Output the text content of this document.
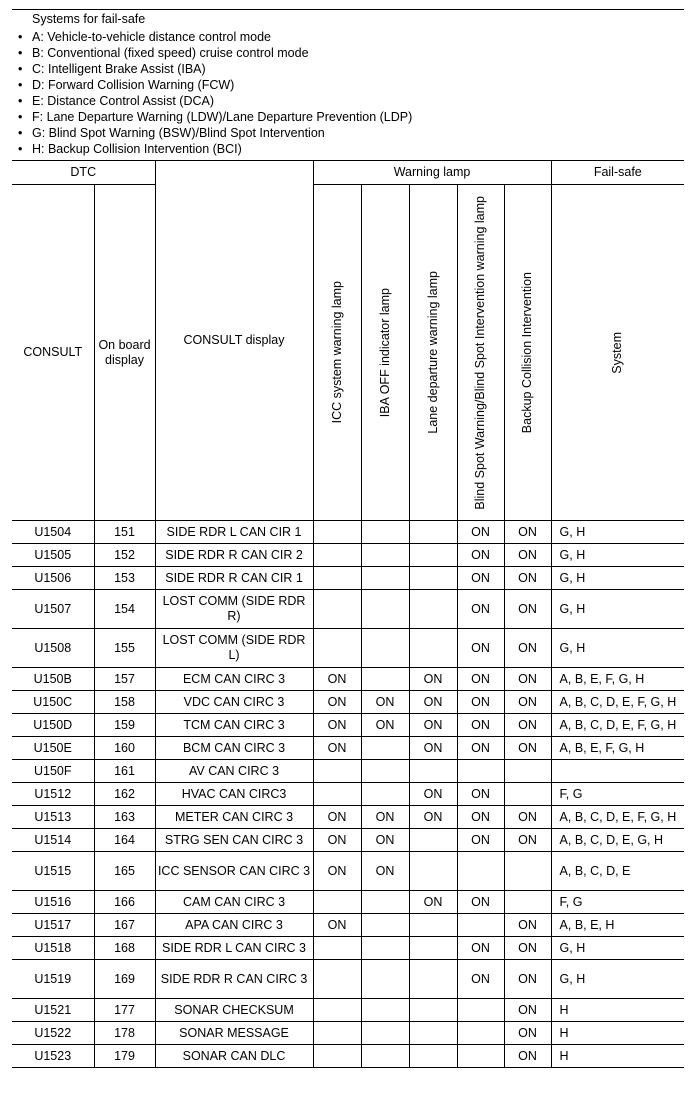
Systems for fail-safe
• A: Vehicle-to-vehicle distance control mode
• B: Conventional (fixed speed) cruise control mode
• C: Intelligent Brake Assist (IBA)
• D: Forward Collision Warning (FCW)
• E: Distance Control Assist (DCA)
• F: Lane Departure Warning (LDW)/Lane Departure Prevention (LDP)
• G: Blind Spot Warning (BSW)/Blind Spot Intervention
• H: Backup Collision Intervention (BCI)
DTC		CONSULT display	Warning lamp					Fail-safe
CONSULT	On board display		ICC system warning lamp	IBA OFF indicator lamp	Lane departure warning lamp	Blind Spot Warning/Blind Spot Intervention warning lamp	Backup Collision Intervention	System

U1504	151	SIDE RDR L CAN CIR 1				ON	ON	G, H
U1505	152	SIDE RDR R CAN CIR 2				ON	ON	G, H
U1506	153	SIDE RDR R CAN CIR 1				ON	ON	G, H
U1507	154	LOST COMM (SIDE RDR R)				ON	ON	G, H
U1508	155	LOST COMM (SIDE RDR L)				ON	ON	G, H
U150B	157	ECM CAN CIRC 3	ON		ON	ON	ON	A, B, E, F, G, H
U150C	158	VDC CAN CIRC 3	ON	ON	ON	ON	ON	A, B, C, D, E, F, G, H
U150D	159	TCM CAN CIRC 3	ON	ON	ON	ON	ON	A, B, C, D, E, F, G, H
U150E	160	BCM CAN CIRC 3	ON		ON	ON	ON	A, B, E, F, G, H
U150F	161	AV CAN CIRC 3						
U1512	162	HVAC CAN CIRC3			ON	ON		F, G
U1513	163	METER CAN CIRC 3	ON	ON	ON	ON	ON	A, B, C, D, E, F, G, H
U1514	164	STRG SEN CAN CIRC 3	ON	ON		ON	ON	A, B, C, D, E, G, H
U1515	165	ICC SENSOR CAN CIRC 3	ON	ON				A, B, C, D, E
U1516	166	CAM CAN CIRC 3			ON	ON		F, G
U1517	167	APA CAN CIRC 3	ON				ON	A, B, E, H
U1518	168	SIDE RDR L CAN CIRC 3				ON	ON	G, H
U1519	169	SIDE RDR R CAN CIRC 3				ON	ON	G, H
U1521	177	SONAR CHECKSUM					ON	H
U1522	178	SONAR MESSAGE					ON	H
U1523	179	SONAR CAN DLC					ON	H
